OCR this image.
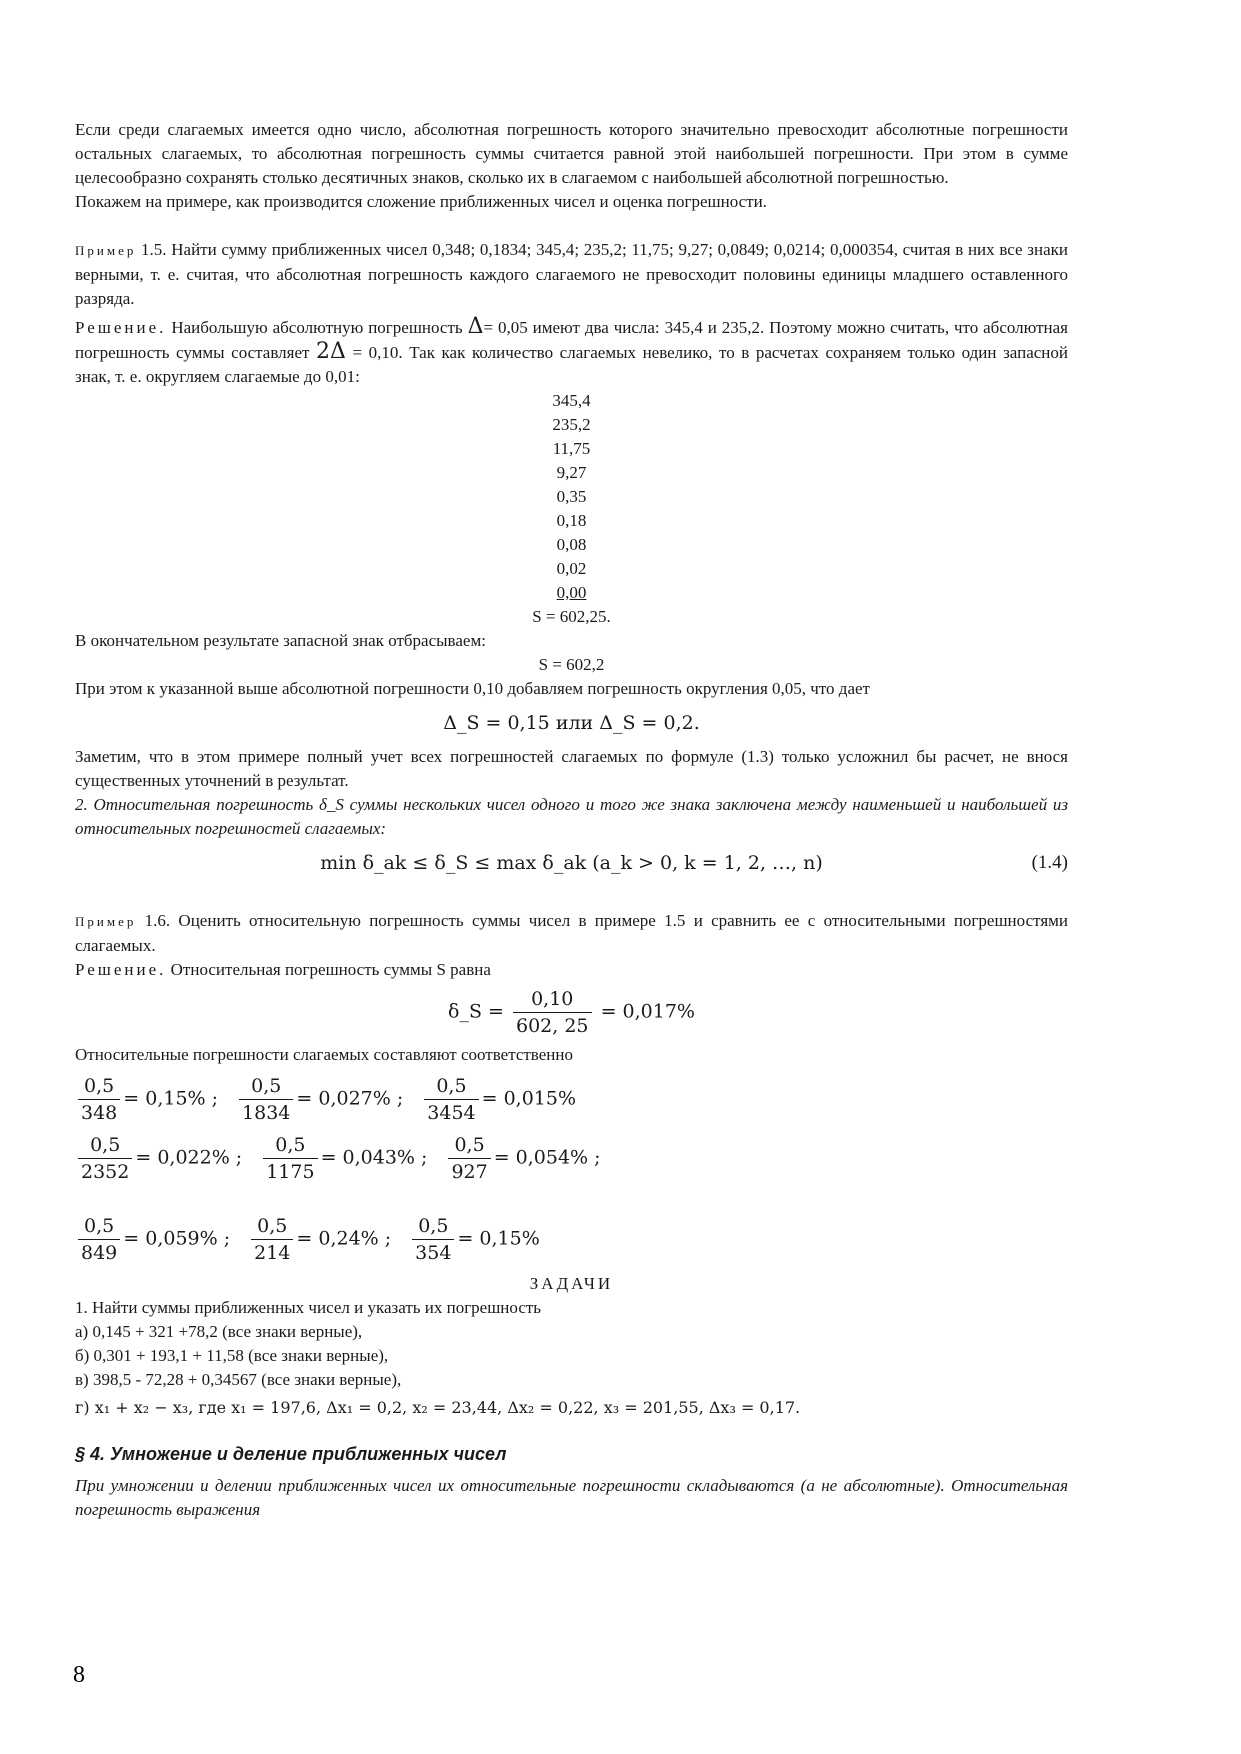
Если среди слагаемых имеется одно число, абсолютная погрешность которого значительно превосходит абсолютные погрешности остальных слагаемых, то абсолютная погрешность суммы считается равной этой наибольшей погрешности. При этом в сумме целесообразно сохранять столько десятичных знаков, сколько их в слагаемом с наибольшей абсолютной погрешностью.

Покажем на примере, как производится сложение приближенных чисел и оценка погрешности.

Пример 1.5. Найти сумму приближенных чисел 0,348; 0,1834; 345,4; 235,2; 11,75; 9,27; 0,0849; 0,0214; 0,000354, считая в них все знаки верными, т. е. считая, что абсолютная погрешность каждого слагаемого не превосходит половины единицы младшего оставленного разряда.

Решение. Наибольшую абсолютную погрешность Δ= 0,05 имеют два числа: 345,4 и 235,2. Поэтому можно считать, что абсолютная погрешность суммы составляет 2Δ = 0,10. Так как количество слагаемых невелико, то в расчетах сохраняем только один запасной знак, т. е. округляем слагаемые до 0,01:

345,4
235,2
11,75
9,27
0,35
0,18
0,08
0,02
0,00
S = 602,25.

В окончательном результате запасной знак отбрасываем:

S = 602,2

При этом к указанной выше абсолютной погрешности 0,10 добавляем погрешность округления 0,05, что дает

Δ_S = 0,15 или Δ_S = 0,2.

Заметим, что в этом примере полный учет всех погрешностей слагаемых по формуле (1.3) только усложнил бы расчет, не внося существенных уточнений в результат.

2. Относительная погрешность δ_S суммы нескольких чисел одного и того же знака заключена между наименьшей и наибольшей из относительных погрешностей слагаемых:

min δ_ak ≤ δ_S ≤ max δ_ak (a_k > 0, k = 1, 2, …, n)	(1.4)

Пример 1.6. Оценить относительную погрешность суммы чисел в примере 1.5 и сравнить ее с относительными погрешностями слагаемых.

Решение. Относительная погрешность суммы S равна

δ_S = $\frac{0,10}{602, 25} = 0,017\%$

Относительные погрешности слагаемых составляют соответственно

$\frac{0,5}{348} = 0,15\%$ ; $\frac{0,5}{1834} = 0,027\%$ ; $\frac{0,5}{3454} = 0,015\%$
$\frac{0,5}{2352} = 0,022\%$ ; $\frac{0,5}{1175} = 0,043\%$ ; $\frac{0,5}{927} = 0,054\%$ ;
$\frac{0,5}{849} = 0,059\%$ ; $\frac{0,5}{214} = 0,24\%$ ; $\frac{0,5}{354} = 0,15\%$
ЗАДАЧИ

1. Найти суммы приближенных чисел и указать их погрешность

а) 0,145 + 321 +78,2 (все знаки верные),

б) 0,301 + 193,1 + 11,58 (все знаки верные),

в) 398,5 - 72,28 + 0,34567 (все знаки верные),

г) x₁ + x₂ − x₃, где x₁ = 197,6, Δx₁ = 0,2, x₂ = 23,44, Δx₂ = 0,22, x₃ = 201,55, Δx₃ = 0,17.

§ 4. Умножение и деление приближенных чисел

При умножении и делении приближенных чисел их относительные погрешности складываются (а не абсолютные). Относительная погрешность выражения

8
